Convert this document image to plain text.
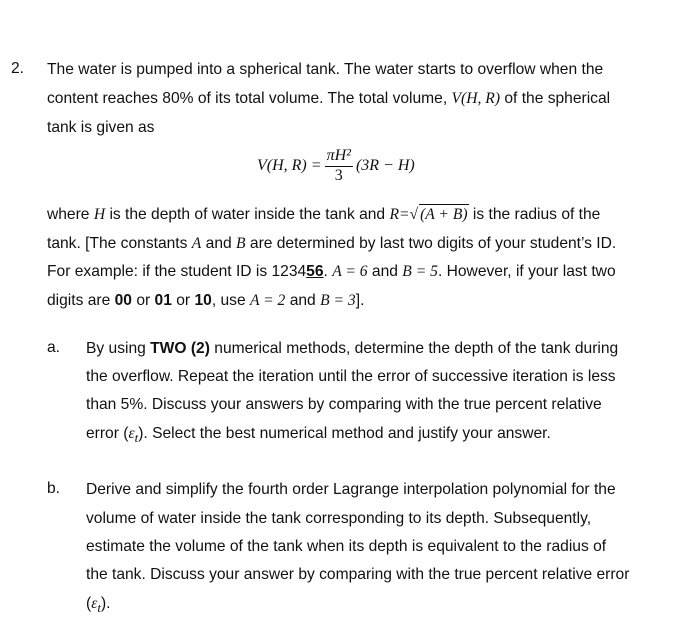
2. The water is pumped into a spherical tank. The water starts to overflow when the
content reaches 80% of its total volume. The total volume, V(H, R) of the spherical
tank is given as
V(H, $R) = \frac{\text{πH²}}{3} (3R - H)$
where H is the depth of water inside the tank and R=√ (A + B) is the radius of the
tank. [The constants A and B are determined by last two digits of your student’s ID.
For example: if the student ID is 123456. A = 6 and B = 5. However, if your last two
digits are 00 or 01 or 10, use A = 2 and B = 3].
a. By using TWO (2) numerical methods, determine the depth of the tank during
the overflow. Repeat the iteration until the error of successive iteration is less
than 5%. Discuss your answers by comparing with the true percent relative
error $(\varepsilon_t)$. Select the best numerical method and justify your answer.
b. Derive and simplify the fourth order Lagrange interpolation polynomial for the
volume of water inside the tank corresponding to its depth. Subsequently,
estimate the volume of the tank when its depth is equivalent to the radius of
the tank. Discuss your answer by comparing with the true percent relative error
$(\varepsilon_t)$.
